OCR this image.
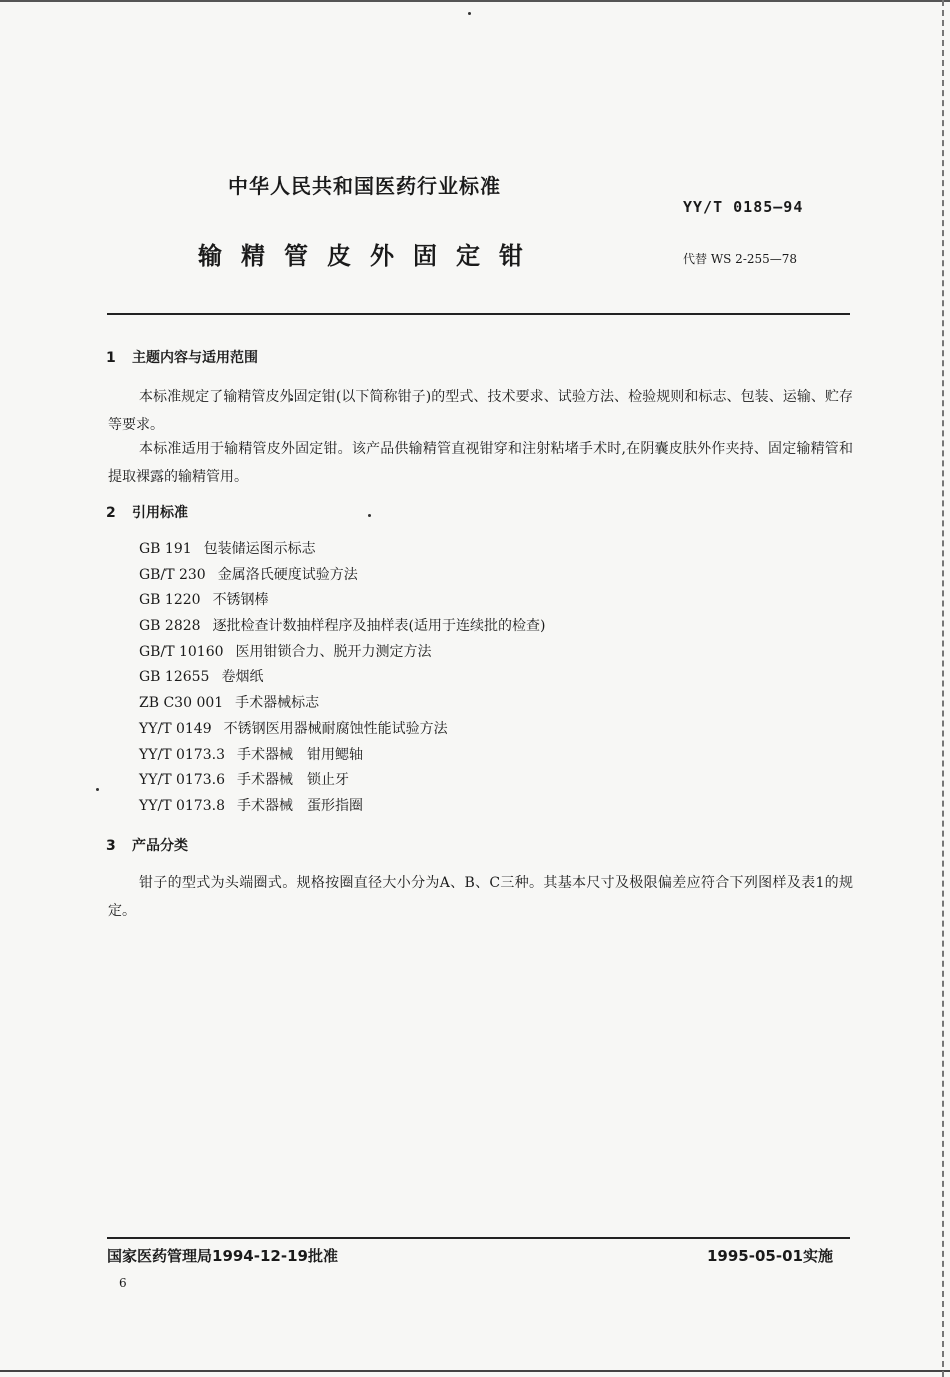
中华人民共和国医药行业标准
YY/T 0185—94
输精管皮外固定钳	代替 WS 2-255—78
1 主题内容与适用范围
本标准规定了输精管皮外固定钳(以下简称钳子)的型式、技术要求、试验方法、检验规则和标志、包装、运输、贮存等要求。
本标准适用于输精管皮外固定钳。该产品供输精管直视钳穿和注射粘堵手术时,在阴囊皮肤外作夹持、固定输精管和提取裸露的输精管用。
2 引用标准
GB 191 包装储运图示标志
GB/T 230 金属洛氏硬度试验方法
GB 1220 不锈钢棒
GB 2828 逐批检查计数抽样程序及抽样表(适用于连续批的检查)
GB/T 10160 医用钳锁合力、脱开力测定方法
GB 12655 卷烟纸
ZB C30 001 手术器械标志
YY/T 0149 不锈钢医用器械耐腐蚀性能试验方法
YY/T 0173.3 手术器械　钳用鳃轴
YY/T 0173.6 手术器械　锁止牙
YY/T 0173.8 手术器械　蛋形指圈
3 产品分类
钳子的型式为头端圈式。规格按圈直径大小分为A、B、C三种。其基本尺寸及极限偏差应符合下列图样及表1的规定。
国家医药管理局1994-12-19批准	1995-05-01实施
6
